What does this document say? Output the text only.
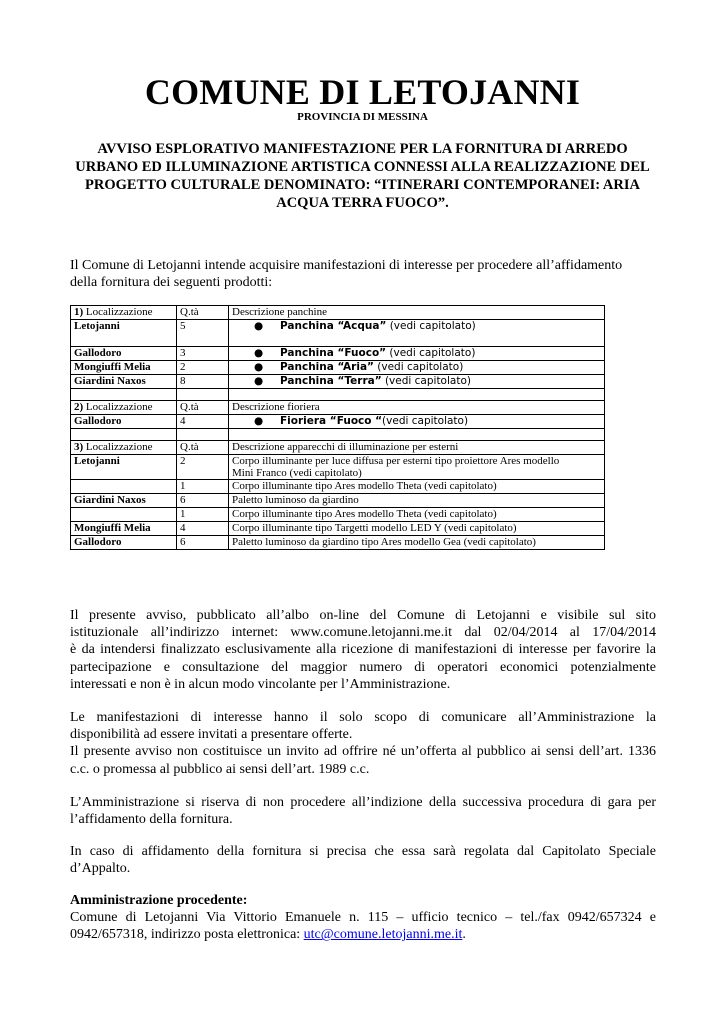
COMUNE DI LETOJANNI
PROVINCIA DI MESSINA
AVVISO ESPLORATIVO MANIFESTAZIONE PER LA FORNITURA DI ARREDO
URBANO ED ILLUMINAZIONE ARTISTICA CONNESSI ALLA REALIZZAZIONE DEL
PROGETTO CULTURALE DENOMINATO: “ITINERARI CONTEMPORANEI: ARIA
ACQUA TERRA FUOCO”.
Il Comune di Letojanni intende acquisire manifestazioni di interesse per procedere all’affidamento
della fornitura dei seguenti prodotti:
1) Localizzazione	Q.tà	Descrizione panchine
Letojanni	5	● Panchina “Acqua” (vedi capitolato)
Gallodoro	3	● Panchina “Fuoco” (vedi capitolato)
Mongiuffi Melia	2	● Panchina “Aria” (vedi capitolato)
Giardini Naxos	8	● Panchina “Terra” (vedi capitolato)

2) Localizzazione	Q.tà	Descrizione fioriera
Gallodoro	4	● Fioriera “Fuoco “(vedi capitolato)

3) Localizzazione	Q.tà	Descrizione apparecchi di illuminazione per esterni
Letojanni	2	Corpo illuminante per luce diffusa per esterni tipo proiettore Ares modello
Mini Franco (vedi capitolato)

	1	Corpo illuminante tipo Ares modello Theta (vedi capitolato)
Giardini Naxos	6	Paletto luminoso da giardino
	1	Corpo illuminante tipo Ares modello Theta (vedi capitolato)
Mongiuffi Melia	4	Corpo illuminante tipo Targetti modello LED Y (vedi capitolato)
Gallodoro	6	Paletto luminoso da giardino tipo Ares modello Gea (vedi capitolato)
Il presente avviso, pubblicato all’albo on-line del Comune di Letojanni e visibile sul sito
istituzionale all’indirizzo internet: www.comune.letojanni.me.it dal 02/04/2014 al 17/04/2014
è da intendersi finalizzato esclusivamente alla ricezione di manifestazioni di interesse per favorire la
partecipazione e consultazione del maggior numero di operatori economici potenzialmente
interessati e non è in alcun modo vincolante per l’Amministrazione.
Le manifestazioni di interesse hanno il solo scopo di comunicare all’Amministrazione la
disponibilità ad essere invitati a presentare offerte.
Il presente avviso non costituisce un invito ad offrire né un’offerta al pubblico ai sensi dell’art. 1336
c.c. o promessa al pubblico ai sensi dell’art. 1989 c.c.
L’Amministrazione si riserva di non procedere all’indizione della successiva procedura di gara per
l’affidamento della fornitura.
In caso di affidamento della fornitura si precisa che essa sarà regolata dal Capitolato Speciale
d’Appalto.
Amministrazione procedente:
Comune di Letojanni Via Vittorio Emanuele n. 115 – ufficio tecnico – tel./fax 0942/657324 e
0942/657318, indirizzo posta elettronica: utc@comune.letojanni.me.it.
